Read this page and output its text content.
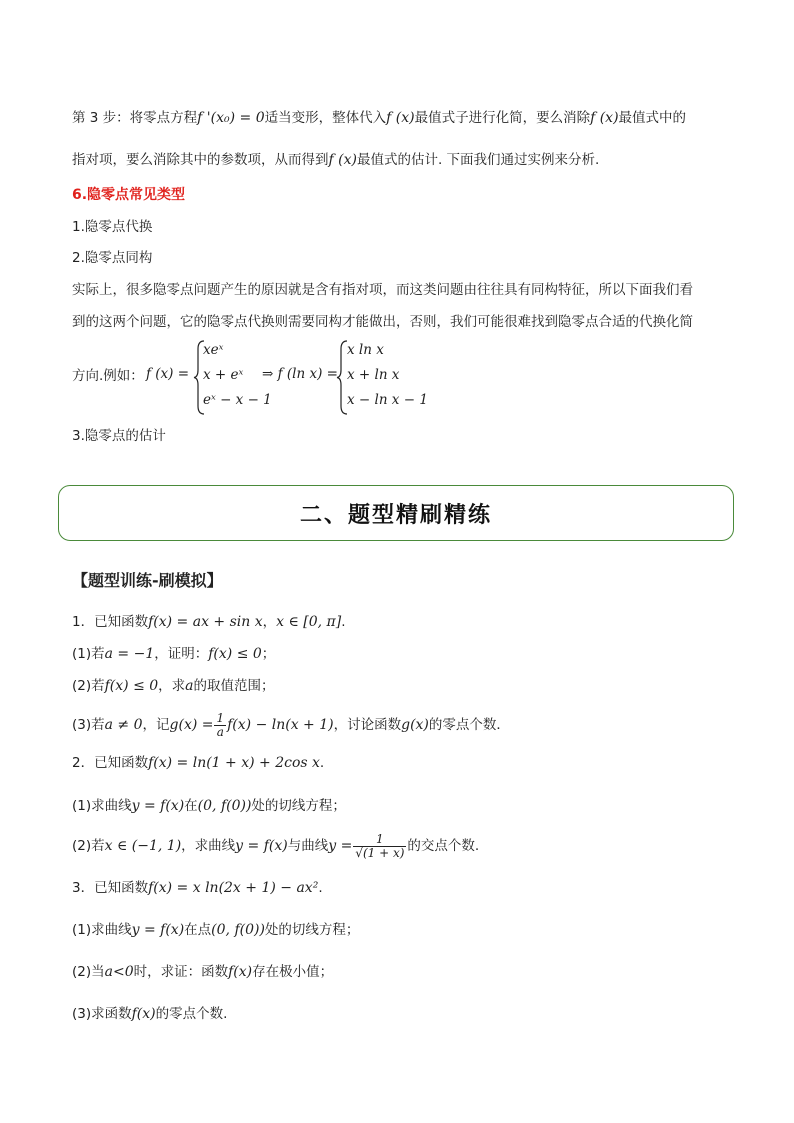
第 3 步：将零点方程f '(x₀) = 0适当变形，整体代入f (x)最值式子进行化简，要么消除f (x)最值式中的
指对项，要么消除其中的参数项，从而得到f (x)最值式的估计. 下面我们通过实例来分析.
6.隐零点常见类型
1.隐零点代换
2.隐零点同构
实际上，很多隐零点问题产生的原因就是含有指对项，而这类问题由往往具有同构特征，所以下面我们看
到的这两个问题，它的隐零点代换则需要同构才能做出，否则，我们可能很难找到隐零点合适的代换化简
方向.例如： f (x) =
xeˣ
x + eˣ
eˣ − x − 1
⇒ f (ln x) =
x ln x
x + ln x
x − ln x − 1
3.隐零点的估计
二、题型精刷精练
【题型训练-刷模拟】
1．已知函数f(x) = ax + sin x，x ∈ [0, π].
(1)若a = −1，证明：f(x) ≤ 0；
(2)若f(x) ≤ 0，求a的取值范围；
(3)若a ≠ 0，记$g(x) = \frac{1}{a} f(x) - \ln(x + 1)$，讨论函数g(x)的零点个数．
2．已知函数f(x) = ln(1 + x) + 2cos x.
(1)求曲线y = f(x)在(0, f(0))处的切线方程；
(2)若x ∈ (−1, 1)，求曲线y = f(x)与曲线$y = \frac{1}{√(1 + x)}$ 的交点个数.
3．已知函数f(x) = x ln(2x + 1) − ax².
(1)求曲线y = f(x)在点(0, f(0))处的切线方程；
(2)当a<0时，求证：函数f(x)存在极小值；
(3)求函数f(x)的零点个数.
